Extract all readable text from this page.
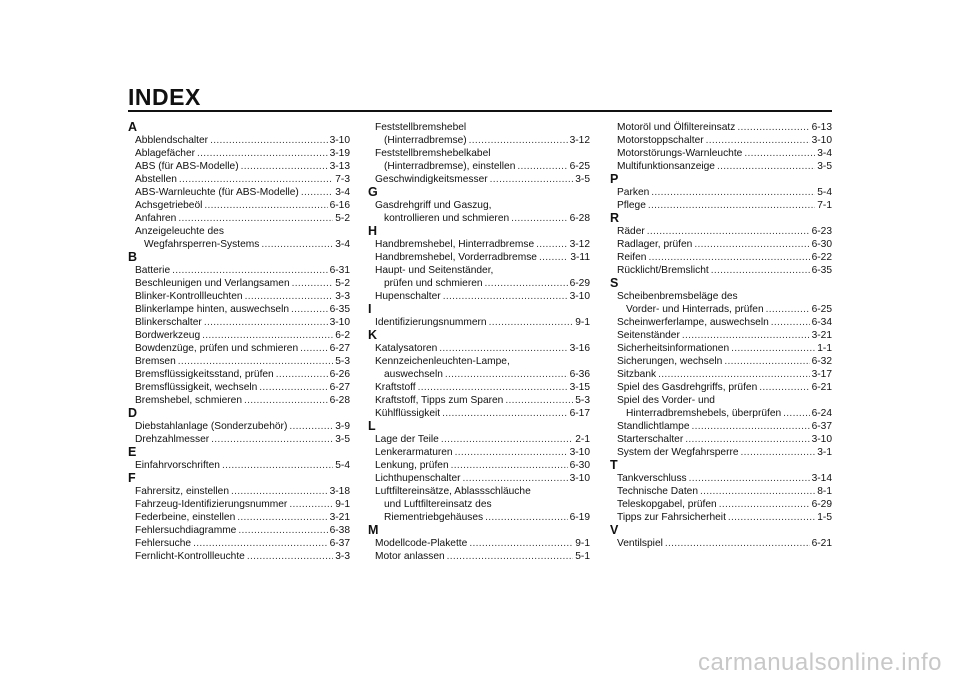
INDEX
A
Abblendschalter .....	3-10
Ablagefächer .....	3-19
ABS (für ABS-Modelle) .....	3-13
Abstellen .....	7-3
ABS-Warnleuchte (für ABS-Modelle) .....	3-4
Achsgetriebeöl .....	6-16
Anfahren .....	5-2
Anzeigeleuchte des
Wegfahrsperren-Systems .....	3-4
B
Batterie .....	6-31
Beschleunigen und Verlangsamen .....	5-2
Blinker-Kontrollleuchten .....	3-3
Blinkerlampe hinten, auswechseln .....	6-35
Blinkerschalter .....	3-10
Bordwerkzeug .....	6-2
Bowdenzüge, prüfen und schmieren .....	6-27
Bremsen .....	5-3
Bremsflüssigkeitsstand, prüfen .....	6-26
Bremsflüssigkeit, wechseln .....	6-27
Bremshebel, schmieren .....	6-28
D
Diebstahlanlage (Sonderzubehör) .....	3-9
Drehzahlmesser .....	3-5
E
Einfahrvorschriften .....	5-4
F
Fahrersitz, einstellen .....	3-18
Fahrzeug-Identifizierungsnummer .....	9-1
Federbeine, einstellen .....	3-21
Fehlersuchdiagramme .....	6-38
Fehlersuche .....	6-37
Fernlicht-Kontrollleuchte .....	3-3
Feststellbremshebel
(Hinterradbremse) .....	3-12
Feststellbremshebelkabel
(Hinterradbremse), einstellen .....	6-25
Geschwindigkeitsmesser .....	3-5
G
Gasdrehgriff und Gaszug,
kontrollieren und schmieren .....	6-28
H
Handbremshebel, Hinterradbremse .....	3-12
Handbremshebel, Vorderradbremse .....	3-11
Haupt- und Seitenständer,
prüfen und schmieren .....	6-29
Hupenschalter .....	3-10
I
Identifizierungsnummern .....	9-1
K
Katalysatoren .....	3-16
Kennzeichenleuchten-Lampe,
auswechseln .....	6-36
Kraftstoff .....	3-15
Kraftstoff, Tipps zum Sparen .....	5-3
Kühlflüssigkeit .....	6-17
L
Lage der Teile .....	2-1
Lenkerarmaturen .....	3-10
Lenkung, prüfen .....	6-30
Lichthupenschalter .....	3-10
Luftfiltereinsätze, Ablassschläuche
und Luftfiltereinsatz des
Riementriebgehäuses .....	6-19
M
Modellcode-Plakette .....	9-1
Motor anlassen .....	5-1
Motoröl und Ölfiltereinsatz .....	6-13
Motorstoppschalter .....	3-10
Motorstörungs-Warnleuchte .....	3-4
Multifunktionsanzeige .....	3-5
P
Parken .....	5-4
Pflege .....	7-1
R
Räder .....	6-23
Radlager, prüfen .....	6-30
Reifen .....	6-22
Rücklicht/Bremslicht .....	6-35
S
Scheibenbremsbeläge des
Vorder- und Hinterrads, prüfen .....	6-25
Scheinwerferlampe, auswechseln .....	6-34
Seitenständer .....	3-21
Sicherheitsinformationen .....	1-1
Sicherungen, wechseln .....	6-32
Sitzbank .....	3-17
Spiel des Gasdrehgriffs, prüfen .....	6-21
Spiel des Vorder- und
Hinterradbremshebels, überprüfen .....	6-24
Standlichtlampe .....	6-37
Starterschalter .....	3-10
System der Wegfahrsperre .....	3-1
T
Tankverschluss .....	3-14
Technische Daten .....	8-1
Teleskopgabel, prüfen .....	6-29
Tipps zur Fahrsicherheit .....	1-5
V
Ventilspiel .....	6-21
carmanualsonline.info
